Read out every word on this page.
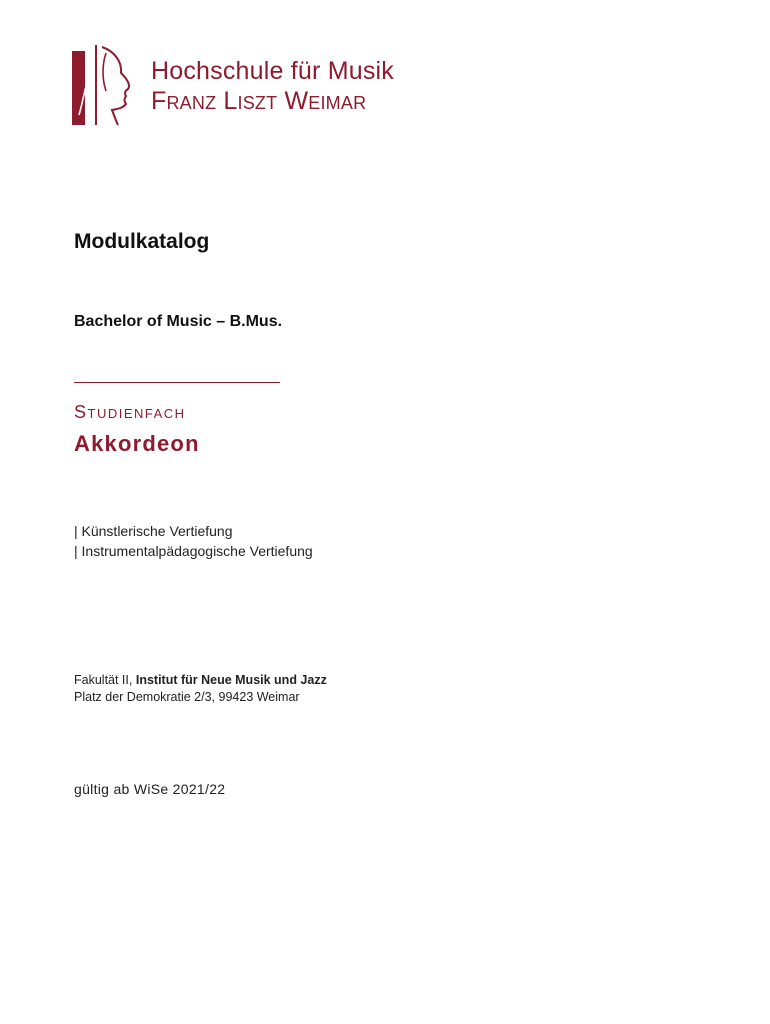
Hochschule für Musik
Franz Liszt Weimar
Modulkatalog
Bachelor of Music – B.Mus.
Studienfach
Akkordeon
| Künstlerische Vertiefung
| Instrumentalpädagogische Vertiefung
Fakultät II, Institut für Neue Musik und Jazz
Platz der Demokratie 2/3, 99423 Weimar
gültig ab WiSe 2021/22
